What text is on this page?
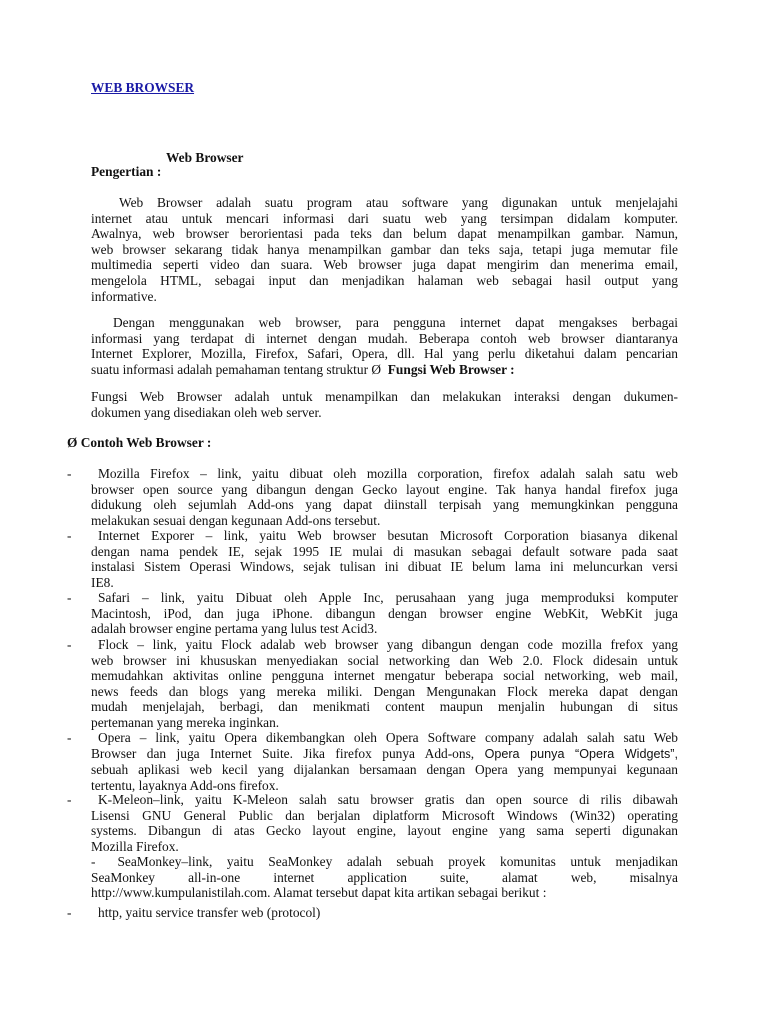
WEB BROWSER
Web Browser
Pengertian :
Web Browser adalah suatu program atau software yang digunakan untuk menjelajahi
internet atau untuk mencari informasi dari suatu web yang tersimpan didalam komputer.
Awalnya, web browser berorientasi pada teks dan belum dapat menampilkan gambar. Namun,
web browser sekarang tidak hanya menampilkan gambar dan teks saja, tetapi juga memutar file
multimedia seperti video dan suara. Web browser juga dapat mengirim dan menerima email,
mengelola HTML, sebagai input dan menjadikan halaman web sebagai hasil output yang
informative.
Dengan menggunakan web browser, para pengguna internet dapat mengakses berbagai
informasi yang terdapat di internet dengan mudah. Beberapa contoh web browser diantaranya
Internet Explorer, Mozilla, Firefox, Safari, Opera, dll. Hal yang perlu diketahui dalam pencarian
suatu informasi adalah pemahaman tentang struktur Ø Fungsi Web Browser :
Fungsi Web Browser adalah untuk menampilkan dan melakukan interaksi dengan dukumen-
dokumen yang disediakan oleh web server.
Ø Contoh Web Browser :
-	Mozilla Firefox – link, yaitu dibuat oleh mozilla corporation, firefox adalah salah satu web
browser open source yang dibangun dengan Gecko layout engine. Tak hanya handal firefox juga
didukung oleh sejumlah Add-ons yang dapat diinstall terpisah yang memungkinkan pengguna
melakukan sesuai dengan kegunaan Add-ons tersebut.
-	Internet Exporer – link, yaitu Web browser besutan Microsoft Corporation biasanya dikenal
dengan nama pendek IE, sejak 1995 IE mulai di masukan sebagai default sotware pada saat
instalasi Sistem Operasi Windows, sejak tulisan ini dibuat IE belum lama ini meluncurkan versi
IE8.
-	Safari – link, yaitu Dibuat oleh Apple Inc, perusahaan yang juga memproduksi komputer
Macintosh, iPod, dan juga iPhone. dibangun dengan browser engine WebKit, WebKit juga
adalah browser engine pertama yang lulus test Acid3.
-	Flock – link, yaitu Flock adalab web browser yang dibangun dengan code mozilla frefox yang
web browser ini khususkan menyediakan social networking dan Web 2.0. Flock didesain untuk
memudahkan aktivitas online pengguna internet mengatur beberapa social networking, web mail,
news feeds dan blogs yang mereka miliki. Dengan Mengunakan Flock mereka dapat dengan
mudah menjelajah, berbagi, dan menikmati content maupun menjalin hubungan di situs
pertemanan yang mereka inginkan.
-	Opera – link, yaitu Opera dikembangkan oleh Opera Software company adalah salah satu Web
Browser dan juga Internet Suite. Jika firefox punya Add-ons, Opera punya “Opera Widgets”,
sebuah aplikasi web kecil yang dijalankan bersamaan dengan Opera yang mempunyai kegunaan
tertentu, layaknya Add-ons firefox.
-	K-Meleon–link, yaitu K-Meleon salah satu browser gratis dan open source di rilis dibawah
Lisensi GNU General Public dan berjalan diplatform Microsoft Windows (Win32) operating
systems. Dibangun di atas Gecko layout engine, layout engine yang sama seperti digunakan
Mozilla Firefox.
- SeaMonkey–link, yaitu SeaMonkey adalah sebuah proyek komunitas untuk menjadikan
SeaMonkey all-in-one internet application suite, alamat web, misalnya
http://www.kumpulanistilah.com. Alamat tersebut dapat kita artikan sebagai berikut :
-	http, yaitu service transfer web (protocol)
